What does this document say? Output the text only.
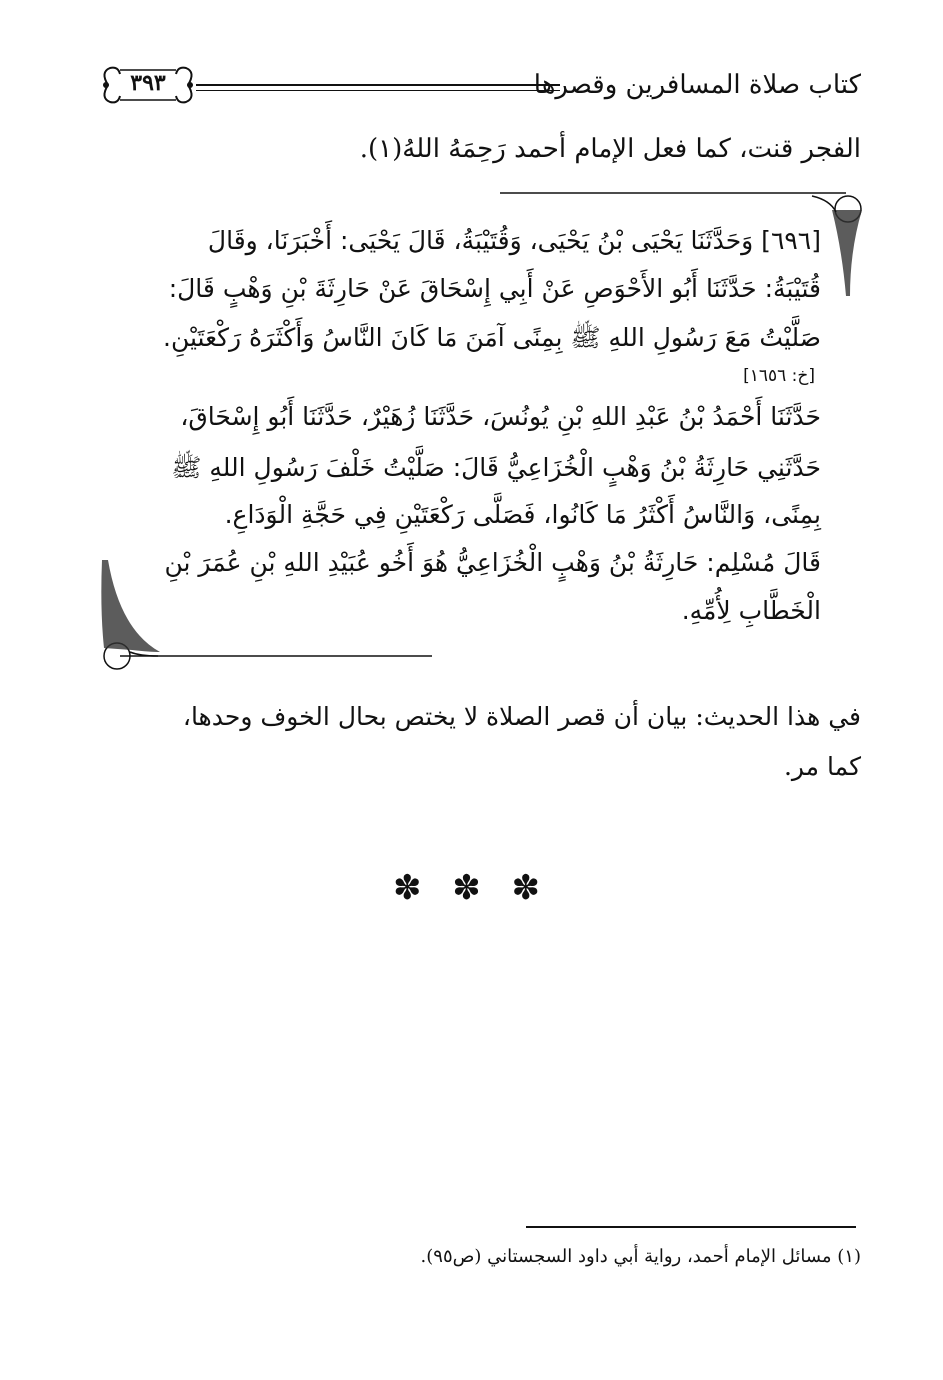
كتاب صلاة المسافرين وقصرها
٣٩٣
الفجر قنت، كما فعل الإمام أحمد رَحِمَهُ اللهُ(١).
[٦٩٦] وَحَدَّثَنَا يَحْيَى بْنُ يَحْيَى، وَقُتَيْبَةُ، قَالَ يَحْيَى: أَخْبَرَنَا، وقَالَ
قُتَيْبَةُ: حَدَّثَنَا أَبُو الأَحْوَصِ عَنْ أَبِي إِسْحَاقَ عَنْ حَارِثَةَ بْنِ وَهْبٍ قَالَ:
صَلَّيْتُ مَعَ رَسُولِ اللهِ ﷺ بِمِنًى آمَنَ مَا كَانَ النَّاسُ وَأَكْثَرَهُ رَكْعَتَيْنِ.
[خ: ١٦٥٦]
حَدَّثَنَا أَحْمَدُ بْنُ عَبْدِ اللهِ بْنِ يُونُسَ، حَدَّثَنَا زُهَيْرٌ، حَدَّثَنَا أَبُو إِسْحَاقَ،
حَدَّثَنِي حَارِثَةُ بْنُ وَهْبٍ الْخُزَاعِيُّ قَالَ: صَلَّيْتُ خَلْفَ رَسُولِ اللهِ ﷺ
بِمِنًى، وَالنَّاسُ أَكْثَرُ مَا كَانُوا، فَصَلَّى رَكْعَتَيْنِ فِي حَجَّةِ الْوَدَاعِ.
قَالَ مُسْلِم: حَارِثَةُ بْنُ وَهْبٍ الْخُزَاعِيُّ هُوَ أَخُو عُبَيْدِ اللهِ بْنِ عُمَرَ بْنِ
الْخَطَّابِ لِأُمِّهِ.
في هذا الحديث: بيان أن قصر الصلاة لا يختص بحال الخوف وحدها،
كما مر.
✽ ✽ ✽
(١) مسائل الإمام أحمد، رواية أبي داود السجستاني (ص٩٥).
